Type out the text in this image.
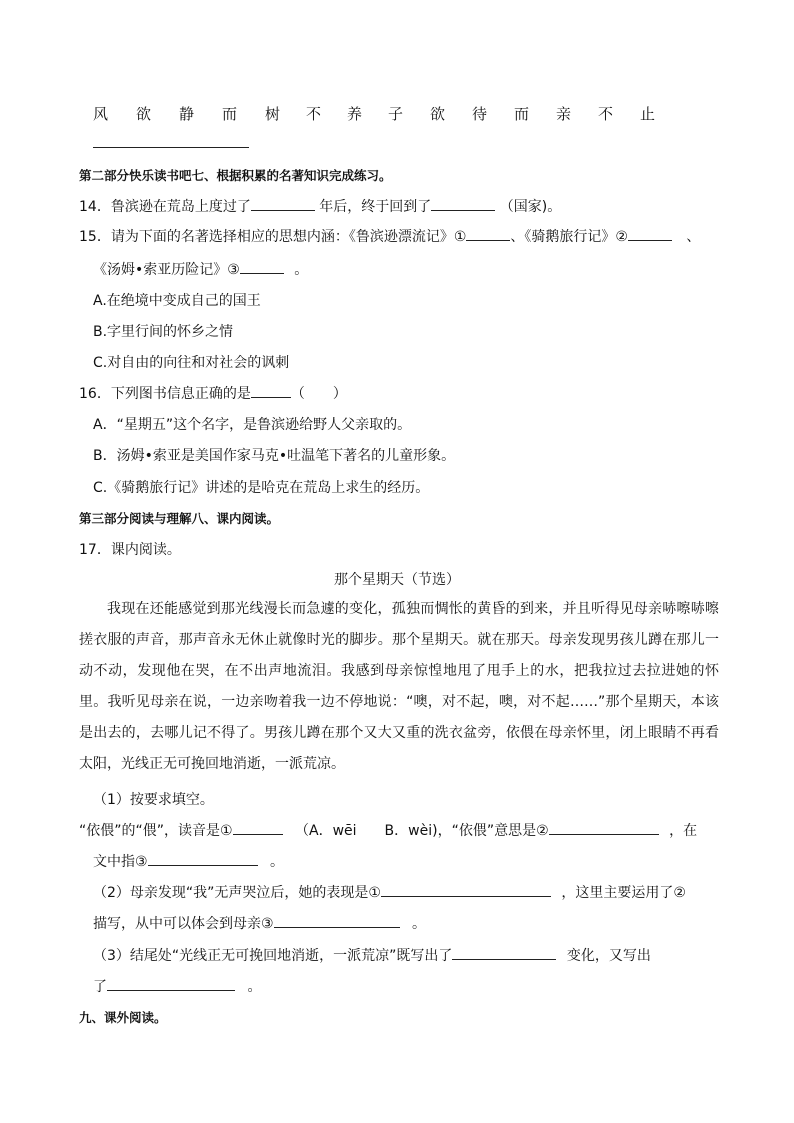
风 欲 静 而 树 不 养 子 欲 待 而 亲 不 止
第二部分快乐读书吧七、根据积累的名著知识完成练习。
14．鲁滨逊在荒岛上度过了	年后，终于回到了	（国家)。
15．请为下面的名著选择相应的思想内涵：《鲁滨逊漂流记》①	、《骑鹅旅行记》②	、
《汤姆•索亚历险记》③	。
A.在绝境中变成自己的国王
B.字里行间的怀乡之情
C.对自由的向往和对社会的讽刺
16．下列图书信息正确的是	（　　）
A．“星期五”这个名字，是鲁滨逊给野人父亲取的。
B．汤姆•索亚是美国作家马克•吐温笔下著名的儿童形象。
C.《骑鹅旅行记》讲述的是哈克在荒岛上求生的经历。
第三部分阅读与理解八、课内阅读。
17．课内阅读。
那个星期天（节选）
我现在还能感觉到那光线漫长而急遽的变化，孤独而惆怅的黄昏的到来，并且听得见母亲哧嚓哧嚓搓衣服的声音，那声音永无休止就像时光的脚步。那个星期天。就在那天。母亲发现男孩儿蹲在那儿一动不动，发现他在哭，在不出声地流泪。我感到母亲惊惶地甩了甩手上的水，把我拉过去拉进她的怀里。我听见母亲在说，一边亲吻着我一边不停地说：“噢，对不起，噢，对不起……”那个星期天，本该是出去的，去哪儿记不得了。男孩儿蹲在那个又大又重的洗衣盆旁，依偎在母亲怀里，闭上眼睛不再看太阳，光线正无可挽回地消逝，一派荒凉。
（1）按要求填空。
“依偎”的“偎”，读音是①	（A．wēi　　B．wèi)，“依偎”意思是②	，在
文中指③	。
（2）母亲发现“我”无声哭泣后，她的表现是①	，这里主要运用了②
描写，从中可以体会到母亲③	。
（3）结尾处“光线正无可挽回地消逝，一派荒凉”既写出了	变化，又写出
了	。
九、课外阅读。
